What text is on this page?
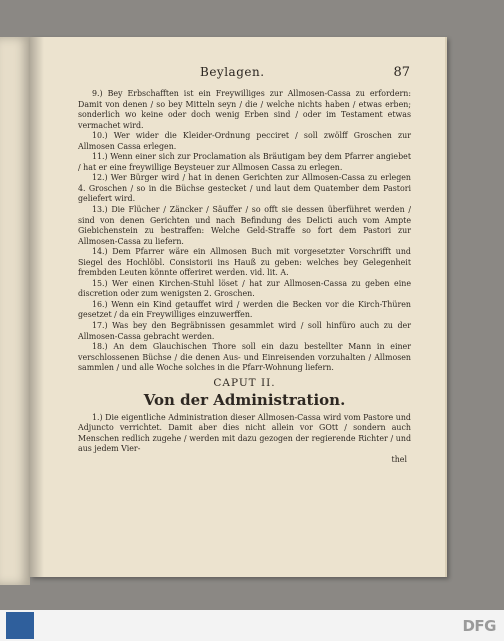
Beylagen.	87

9.) Bey Erbschafften ist ein Freywilliges zur Allmosen-Cassa zu erfordern: Damit von denen / so bey Mitteln seyn / die / welche nichts haben / etwas erben; sonderlich wo keine oder doch wenig Erben sind / oder im Testament etwas vermachet wird.

10.) Wer wider die Kleider-Ordnung pecciret / soll zwölff Groschen zur Allmosen Cassa erlegen.

11.) Wenn einer sich zur Proclamation als Bräutigam bey dem Pfarrer angiebet / hat er eine freywillige Beysteuer zur Allmosen Cassa zu erlegen.

12.) Wer Bürger wird / hat in denen Gerichten zur Allmosen-Cassa zu erlegen 4. Groschen / so in die Büchse gestecket / und laut dem Quatember dem Pastori geliefert wird.

13.) Die Flücher / Zäncker / Säuffer / so offt sie dessen überführet werden / sind von denen Gerichten und nach Befindung des Delicti auch vom Ampte Giebichenstein zu bestraffen: Welche Geld-Straffe so fort dem Pastori zur Allmosen-Cassa zu liefern.

14.) Dem Pfarrer wäre ein Allmosen Buch mit vorgesetzter Vorschrifft und Siegel des Hochlöbl. Consistorii ins Hauß zu geben: welches bey Gelegenheit frembden Leuten könnte offeriret werden. vid. lit. A.

15.) Wer einen Kirchen-Stuhl löset / hat zur Allmosen-Cassa zu geben eine discretion oder zum wenigsten 2. Groschen.

16.) Wenn ein Kind getauffet wird / werden die Becken vor die Kirch-Thüren gesetzet / da ein Freywilliges einzuwerffen.

17.) Was bey den Begräbnissen gesammlet wird / soll hinfüro auch zu der Allmosen-Cassa gebracht werden.

18.) An dem Glauchischen Thore soll ein dazu bestellter Mann in einer verschlossenen Büchse / die denen Aus- und Einreisenden vorzuhalten / Allmosen sammlen / und alle Woche solches in die Pfarr-Wohnung liefern.

CAPUT II.
Von der Administration.

1.) Die eigentliche Administration dieser Allmosen-Cassa wird vom Pastore und Adjuncto verrichtet. Damit aber dies nicht allein vor GOtt / sondern auch Menschen redlich zugehe / werden mit dazu gezogen der regierende Richter / und aus jedem Vier-

thel
DFG
